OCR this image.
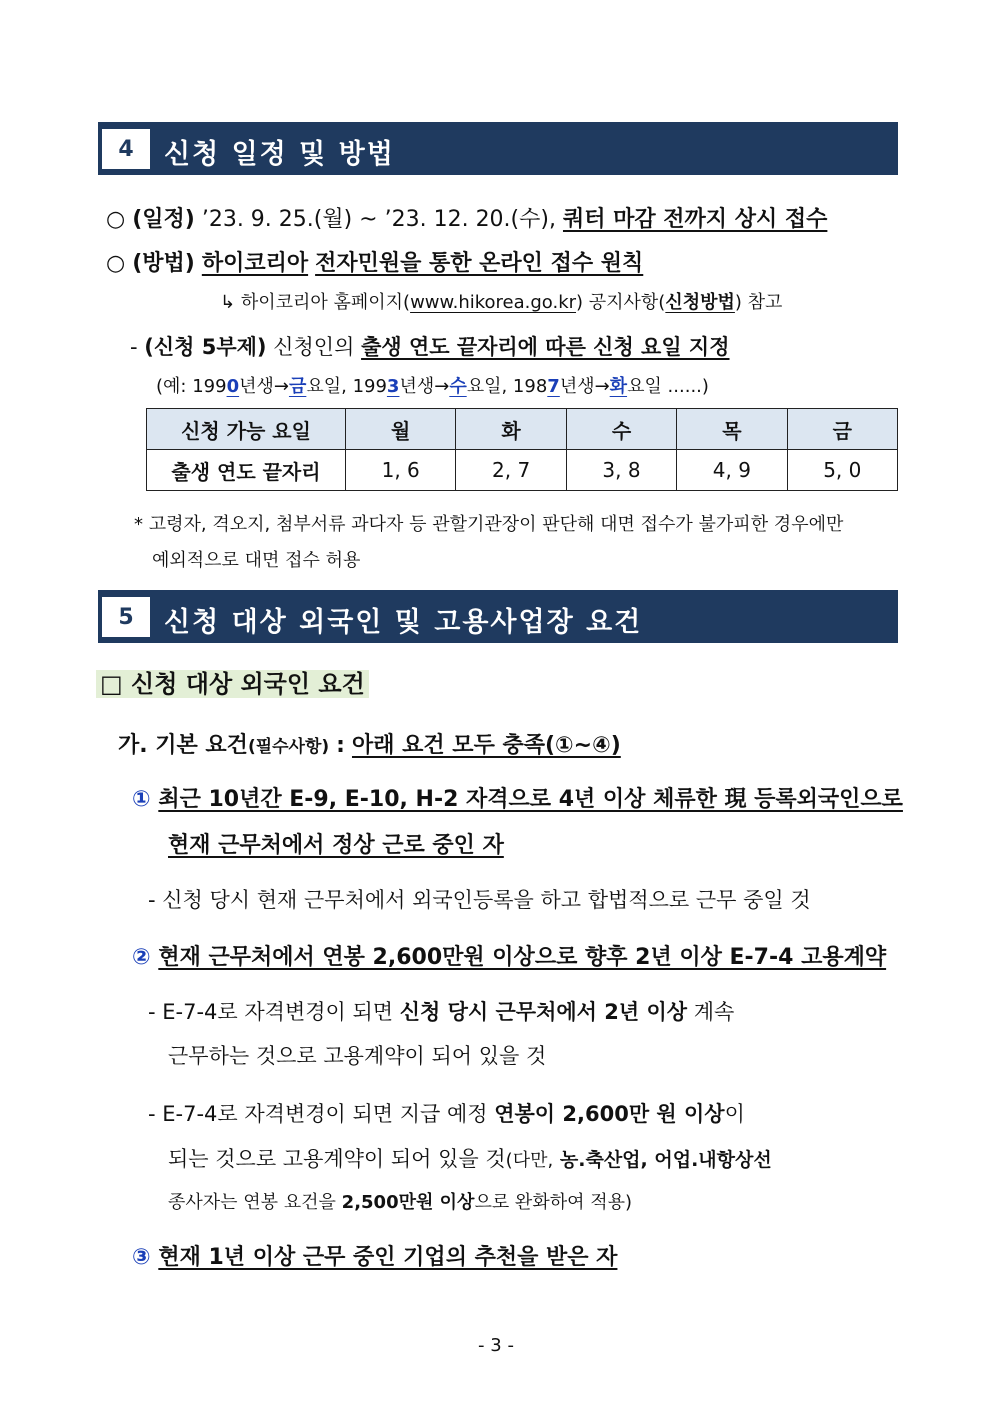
4	신청 일정 및 방법
○ (일정) ’23. 9. 25.(월) ~ ’23. 12. 20.(수), 쿼터 마감 전까지 상시 접수
○ (방법) 하이코리아 전자민원을 통한 온라인 접수 원칙
↳ 하이코리아 홈페이지(www.hikorea.go.kr) 공지사항(신청방법) 참고
- (신청 5부제) 신청인의 출생 연도 끝자리에 따른 신청 요일 지정
(예: 1990년생→금요일, 1993년생→수요일, 1987년생→화요일 ......)
신청 가능 요일	월	화	수	목	금
출생 연도 끝자리	1, 6	2, 7	3, 8	4, 9	5, 0
* 고령자, 격오지, 첨부서류 과다자 등 관할기관장이 판단해 대면 접수가 불가피한 경우에만
예외적으로 대면 접수 허용
5	신청 대상 외국인 및 고용사업장 요건
□ 신청 대상 외국인 요건
가. 기본 요건(필수사항) : 아래 요건 모두 충족(①~④)
① 최근 10년간 E-9, E-10, H-2 자격으로 4년 이상 체류한 現 등록외국인으로
현재 근무처에서 정상 근로 중인 자
- 신청 당시 현재 근무처에서 외국인등록을 하고 합법적으로 근무 중일 것
② 현재 근무처에서 연봉 2,600만원 이상으로 향후 2년 이상 E-7-4 고용계약
- E-7-4로 자격변경이 되면 신청 당시 근무처에서 2년 이상 계속
근무하는 것으로 고용계약이 되어 있을 것
- E-7-4로 자격변경이 되면 지급 예정 연봉이 2,600만 원 이상이
되는 것으로 고용계약이 되어 있을 것(다만, 농.축산업, 어업.내항상선
종사자는 연봉 요건을 2,500만원 이상으로 완화하여 적용)
③ 현재 1년 이상 근무 중인 기업의 추천을 받은 자
- 3 -
